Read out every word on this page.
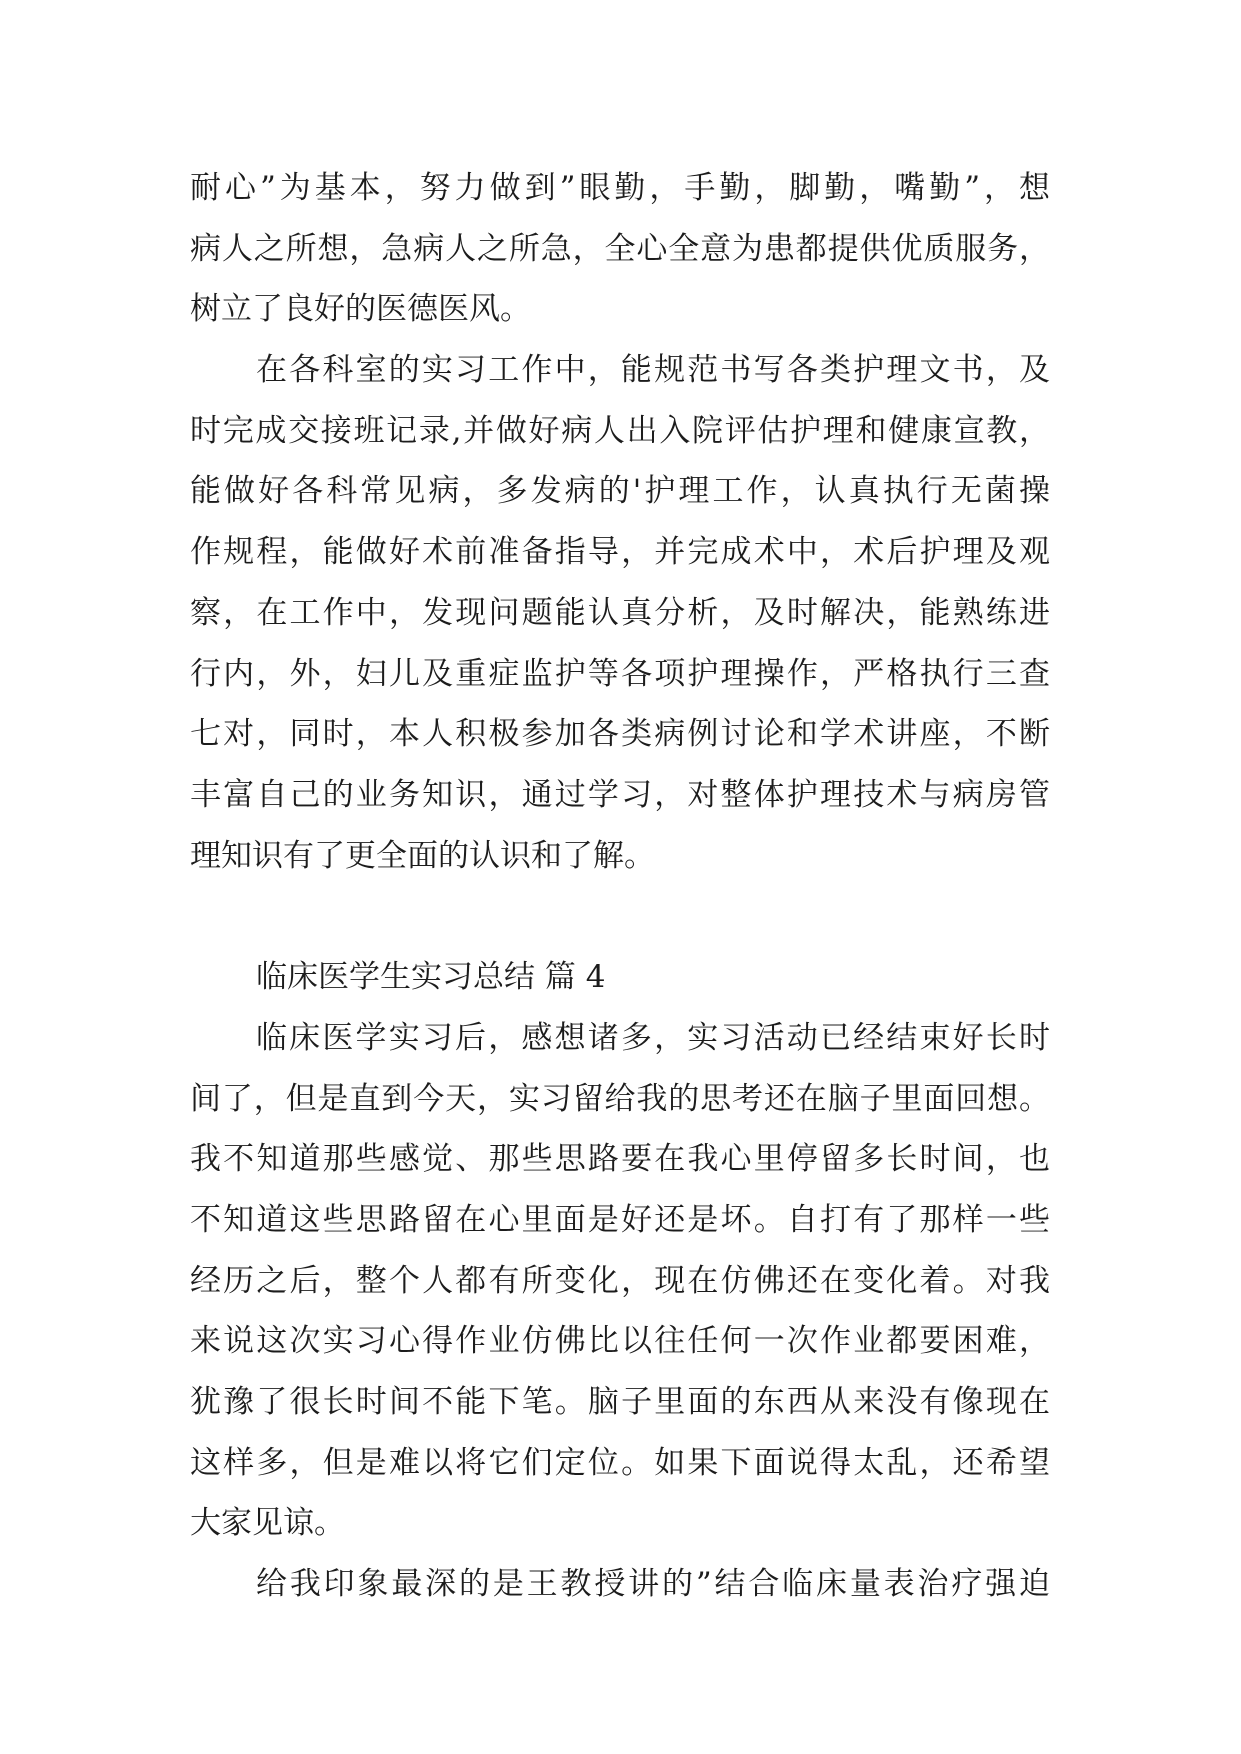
耐心”为基本，努力做到”眼勤，手勤，脚勤，嘴勤”，想
病人之所想，急病人之所急，全心全意为患都提供优质服务，
树立了良好的医德医风。
在各科室的实习工作中，能规范书写各类护理文书，及
时完成交接班记录,并做好病人出入院评估护理和健康宣教，
能做好各科常见病，多发病的'护理工作，认真执行无菌操
作规程，能做好术前准备指导，并完成术中，术后护理及观
察，在工作中，发现问题能认真分析，及时解决，能熟练进
行内，外，妇儿及重症监护等各项护理操作，严格执行三查
七对，同时，本人积极参加各类病例讨论和学术讲座，不断
丰富自己的业务知识，通过学习，对整体护理技术与病房管
理知识有了更全面的认识和了解。
临床医学生实习总结 篇 4
临床医学实习后，感想诸多，实习活动已经结束好长时
间了，但是直到今天，实习留给我的思考还在脑子里面回想。
我不知道那些感觉、那些思路要在我心里停留多长时间，也
不知道这些思路留在心里面是好还是坏。自打有了那样一些
经历之后，整个人都有所变化，现在仿佛还在变化着。对我
来说这次实习心得作业仿佛比以往任何一次作业都要困难，
犹豫了很长时间不能下笔。脑子里面的东西从来没有像现在
这样多，但是难以将它们定位。如果下面说得太乱，还希望
大家见谅。
给我印象最深的是王教授讲的”结合临床量表治疗强迫
